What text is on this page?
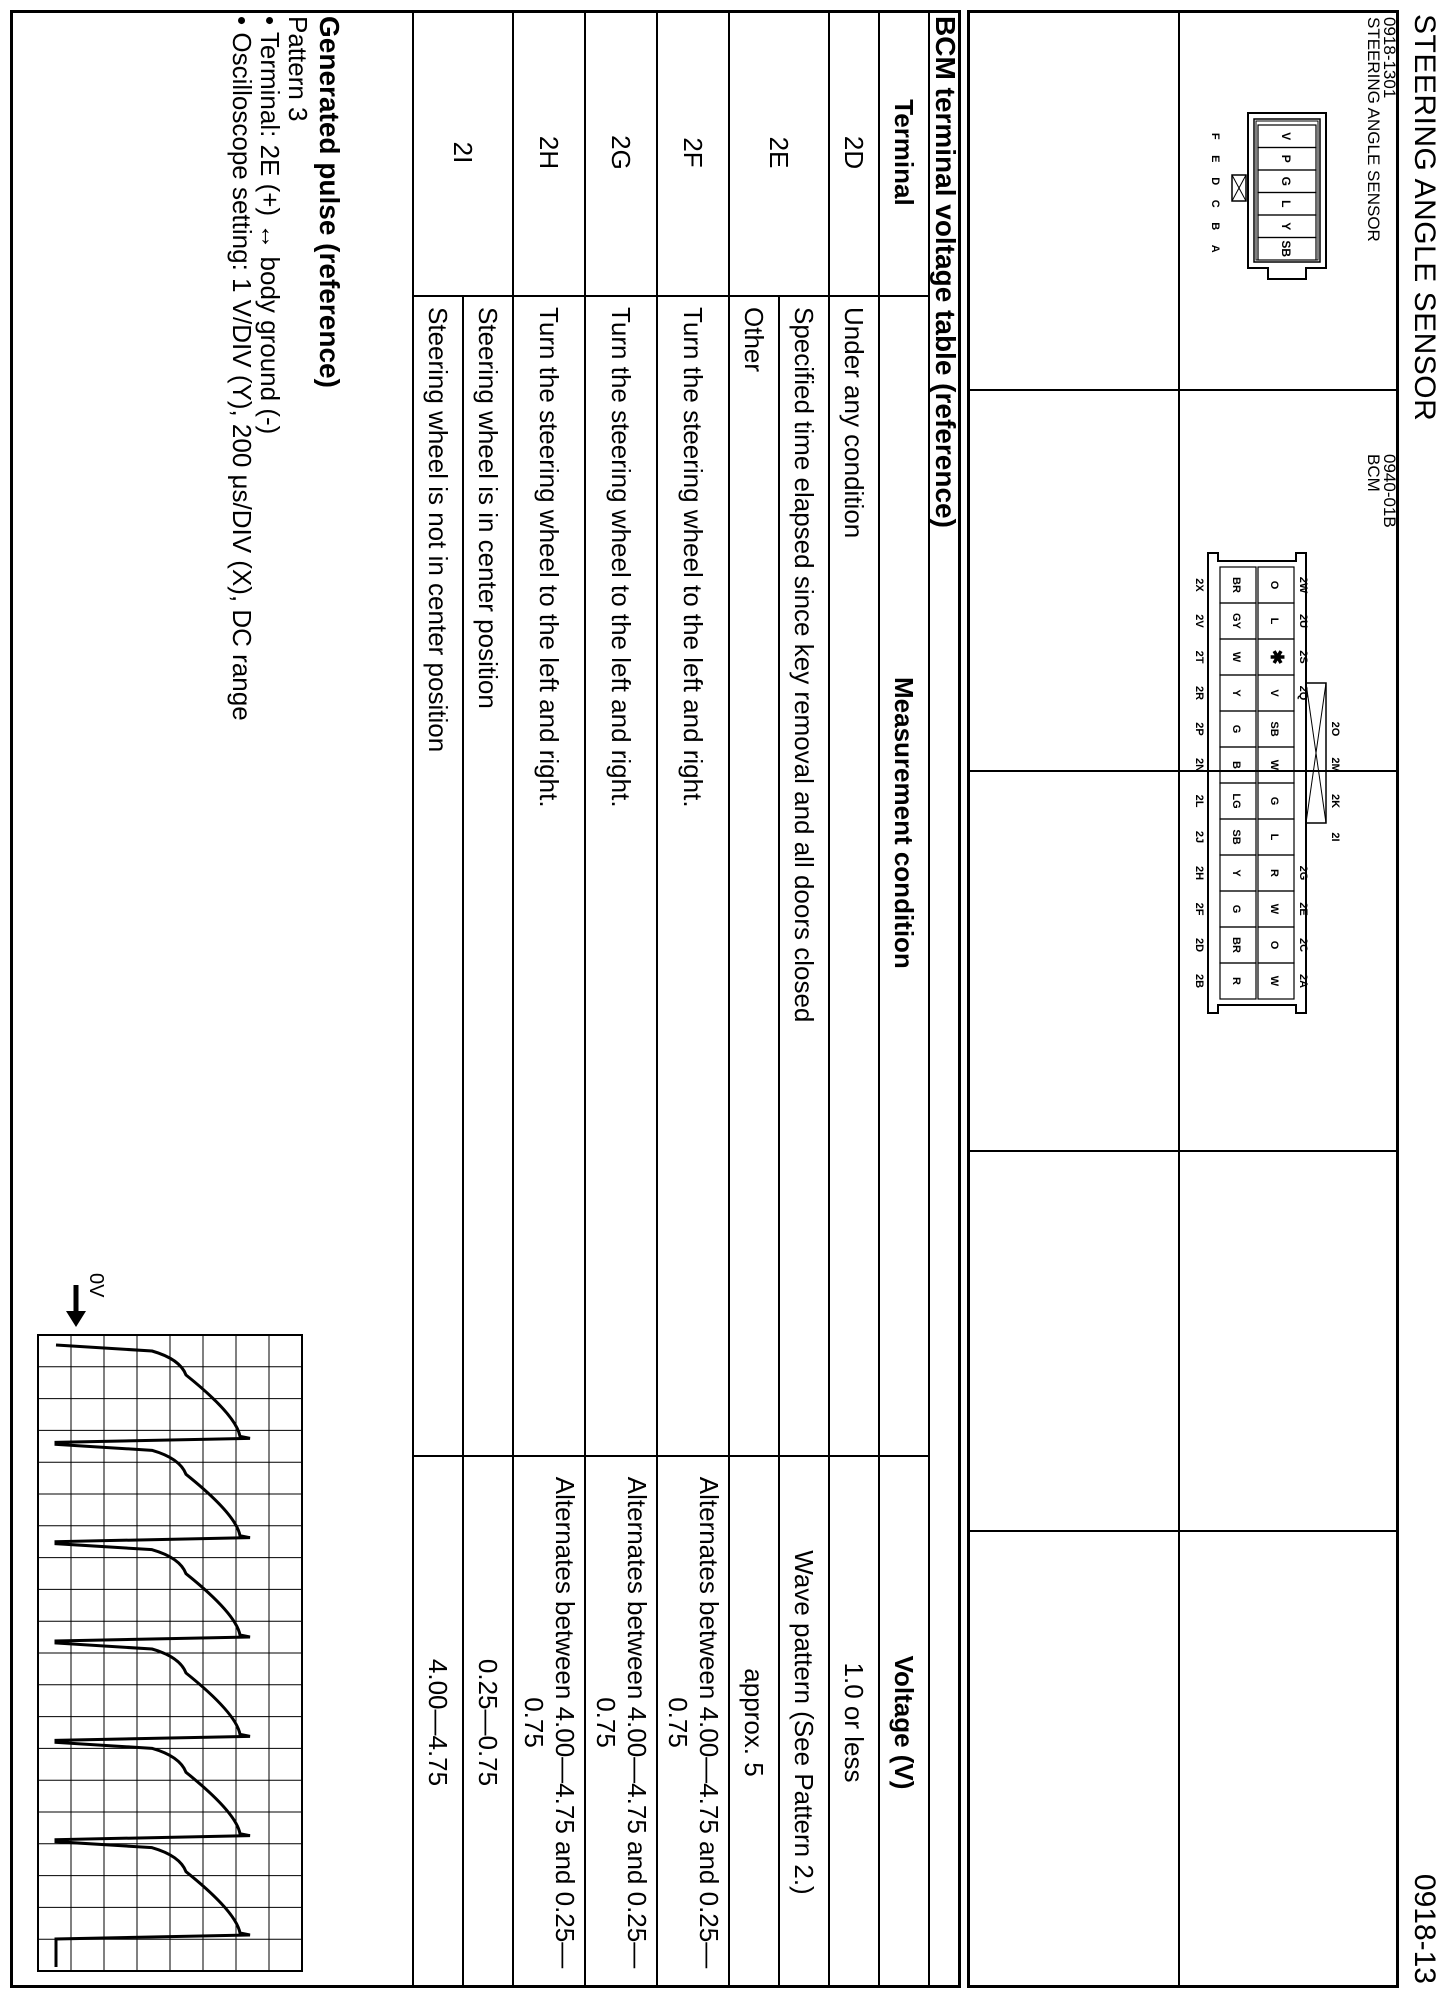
STEERING ANGLE SENSOR
0918-13
0918-1301
STEERING ANGLE SENSOR
V
P
G
L
Y
SB
F
E
D
C
B
A
0940-01B
BCM
O
L
✱
V
SB
W
G
L
R
W
O
W
BR
GY
W
Y
G
B
LG
SB
Y
G
BR
R
2W
2U
2S
2Q
2G
2E
2C
2A
2O
2M
2K
2I
2X
2V
2T
2R
2P
2N
2L
2J
2H
2F
2D
2B
BCM terminal voltage table (reference)
Terminal	Measurement condition	Voltage (V)
2D	Under any condition	1.0 or less
2E	Specified time elapsed since key removal and all doors closed	Wave pattern (See Pattern 2.)
	Other	approx. 5
2F	Turn the steering wheel to the left and right.	Alternates between 4.00—4.75 and 0.25—0.75
2G	Turn the steering wheel to the left and right.	Alternates between 4.00—4.75 and 0.25—0.75
2H	Turn the steering wheel to the left and right.	Alternates between 4.00—4.75 and 0.25—0.75
2I	Steering wheel is in center position	0.25—0.75
	Steering wheel is not in center position	4.00—4.75
Generated pulse (reference)
Pattern 3
• Terminal: 2E (+) ↔ body ground (-)
• Oscilloscope setting: 1 V/DIV (Y), 200 μs/DIV (X), DC range
0V
